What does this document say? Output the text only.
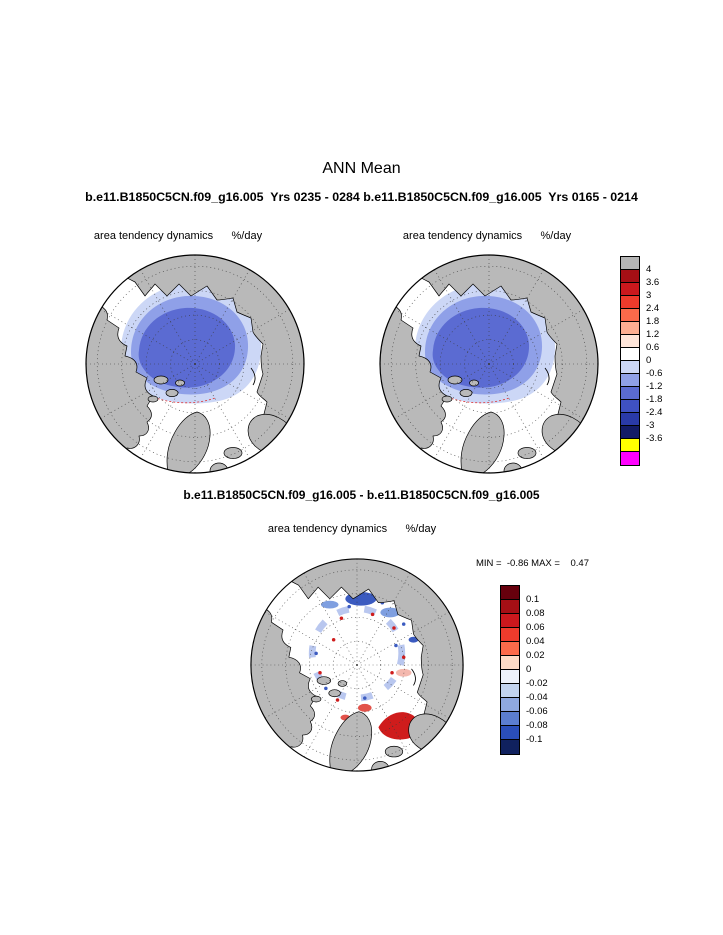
ANN Mean
b.e11.B1850C5CN.f09_g16.005  Yrs 0235 - 0284 b.e11.B1850C5CN.f09_g16.005  Yrs 0165 - 0214
area tendency dynamics      %/day	area tendency dynamics      %/day
4
3.6
3
2.4
1.8
1.2
0.6
0
-0.6
-1.2
-1.8
-2.4
-3
-3.6
b.e11.B1850C5CN.f09_g16.005 - b.e11.B1850C5CN.f09_g16.005
area tendency dynamics      %/day
MIN =  -0.86 MAX =    0.47
0.1
0.08
0.06
0.04
0.02
0
-0.02
-0.04
-0.06
-0.08
-0.1
